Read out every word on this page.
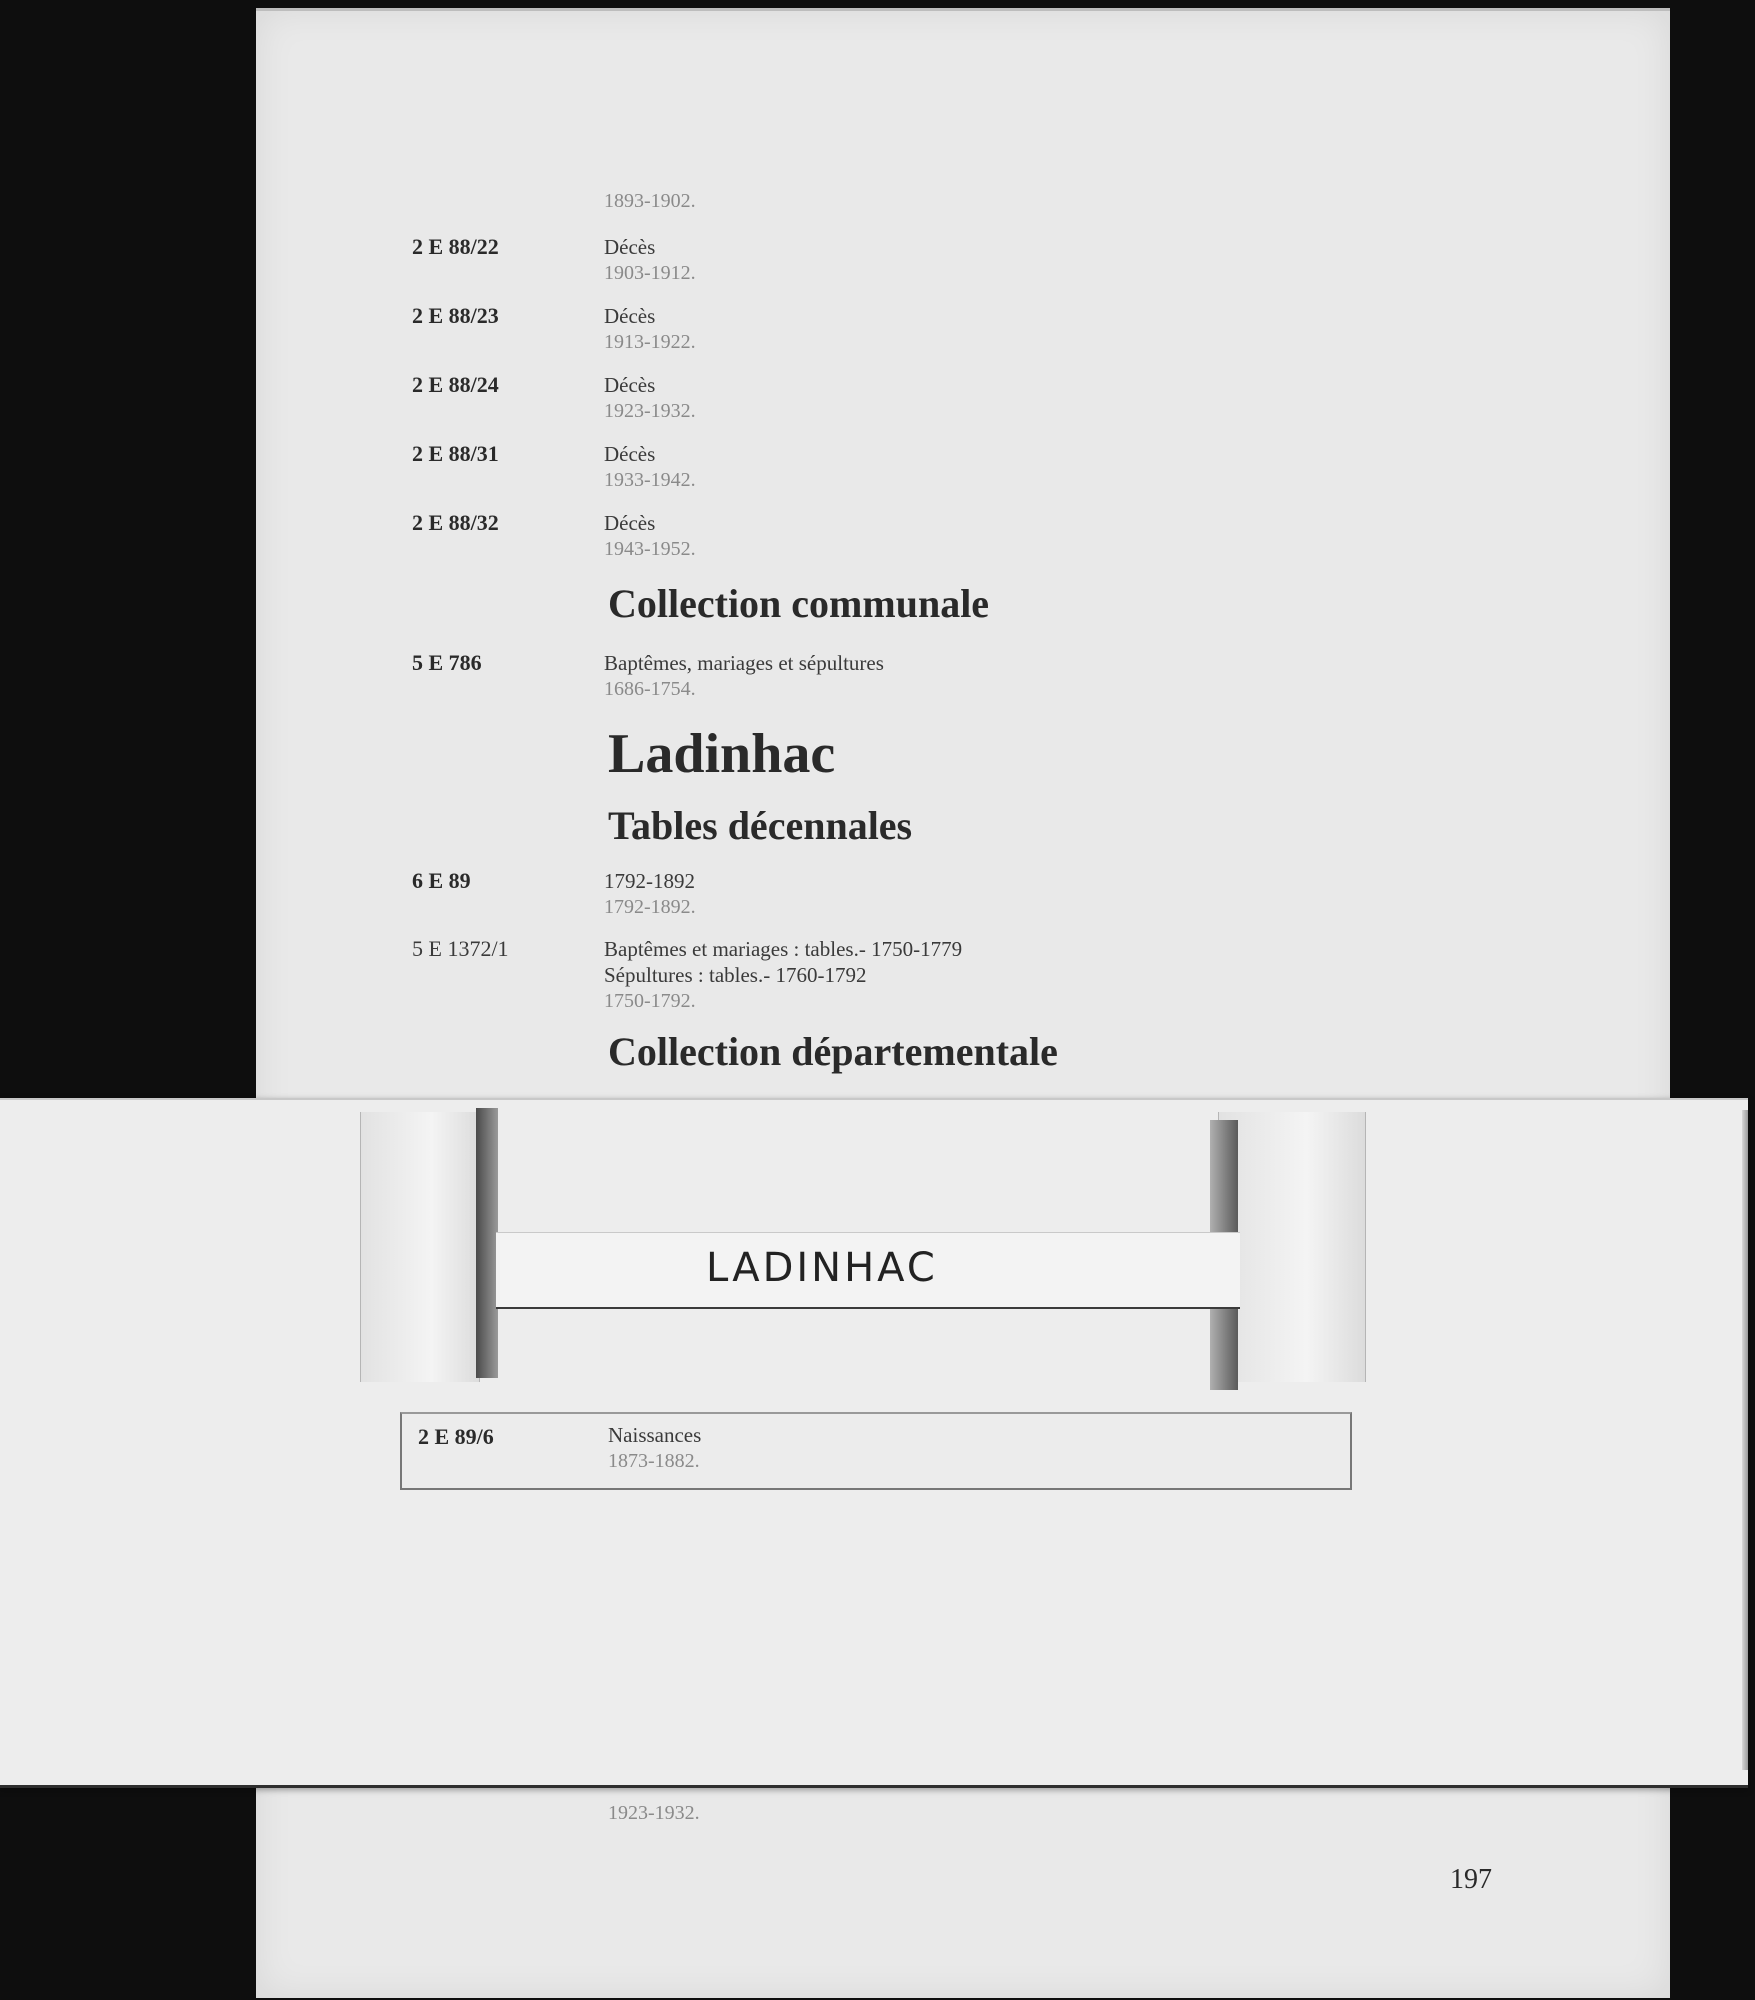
1893-1902.
2 E 88/22	Décès
1903-1912.
2 E 88/23	Décès
1913-1922.
2 E 88/24	Décès
1923-1932.
2 E 88/31	Décès
1933-1942.
2 E 88/32	Décès
1943-1952.
Collection communale
5 E 786	Baptêmes, mariages et sépultures
1686-1754.
Ladinhac
Tables décennales
6 E 89	1792-1892
1792-1892.
5 E 1372/1	Baptêmes et mariages : tables.- 1750-1779
Sépultures : tables.- 1760-1792
1750-1792.
Collection départementale
1923-1932.
197
LADINHAC
2 E 89/6	Naissances
1873-1882.
